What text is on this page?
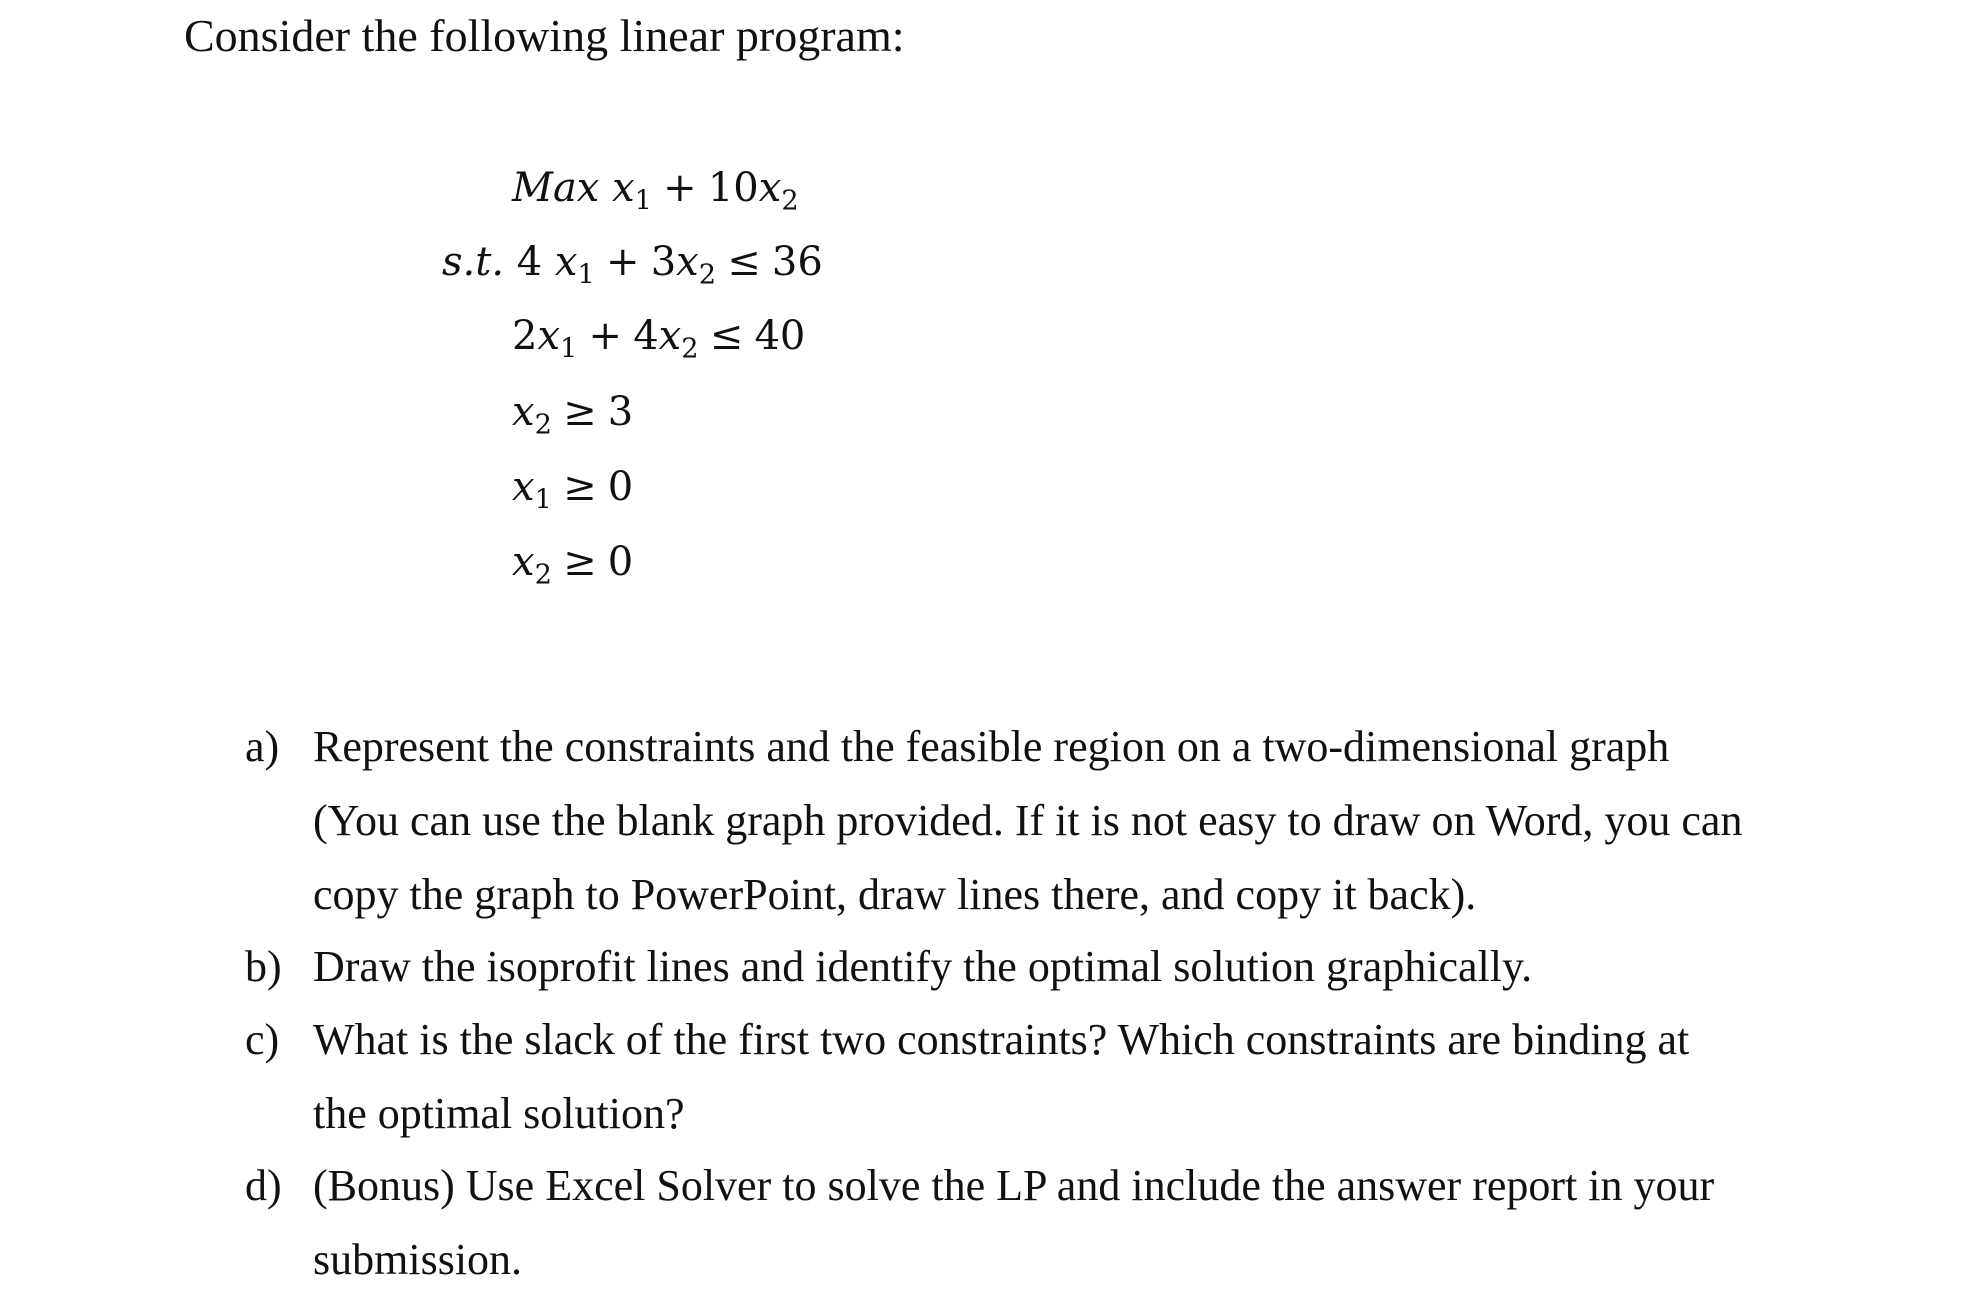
Consider the following linear program:
Max $x_1 + 10x_2$
s.t. 4 $x_1 + 3x_2 \le 36$
$2x_1 + 4x_2 \le 40$
$x_2 \ge 3$
$x_1 \ge 0$
$x_2 \ge 0$
a) Represent the constraints and the feasible region on a two-dimensional graph
(You can use the blank graph provided. If it is not easy to draw on Word, you can
copy the graph to PowerPoint, draw lines there, and copy it back).
b) Draw the isoprofit lines and identify the optimal solution graphically.
c) What is the slack of the first two constraints? Which constraints are binding at
the optimal solution?
d) (Bonus) Use Excel Solver to solve the LP and include the answer report in your
submission.
